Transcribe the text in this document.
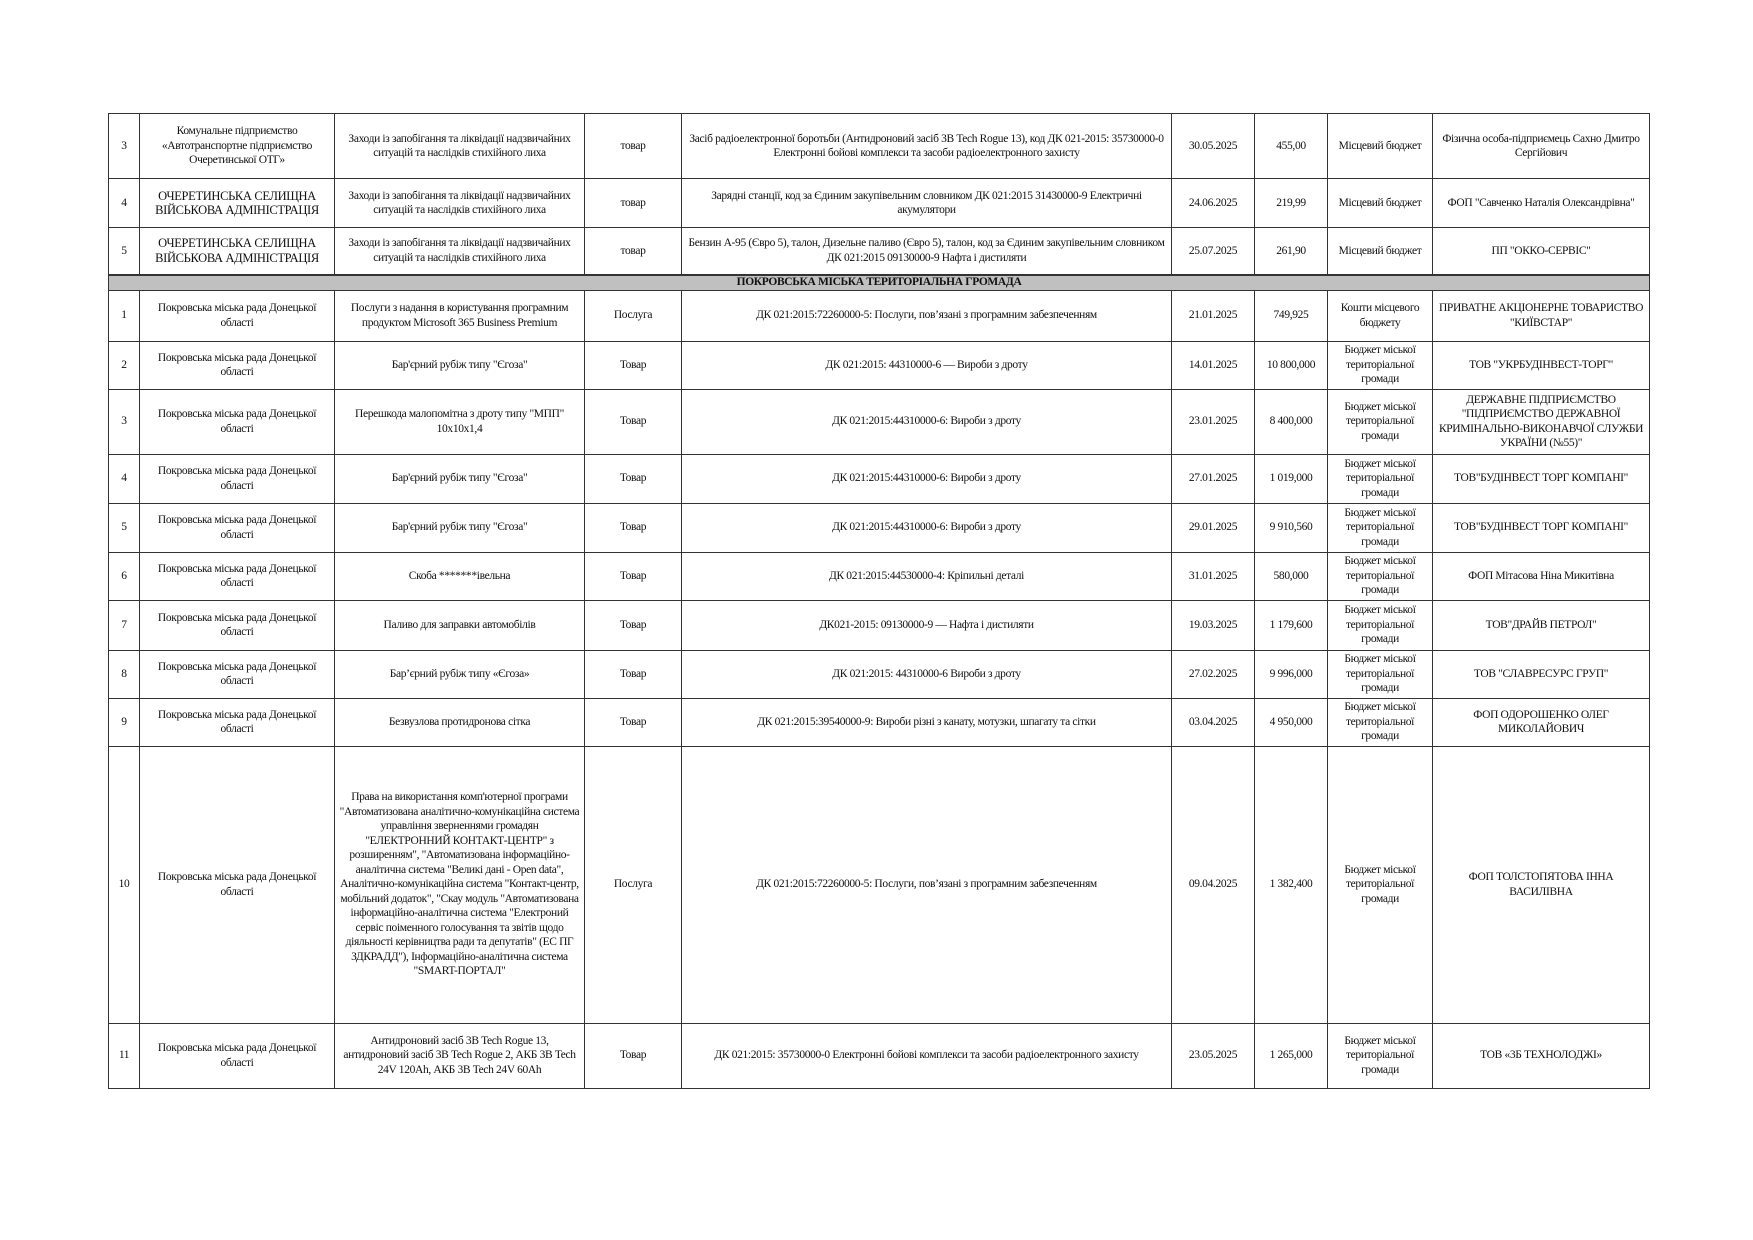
3	Комунальне підприємство «Автотранспортне підприємство Очеретинської ОТГ»	Заходи із запобігання та ліквідації надзвичайних ситуацій та наслідків стихійного лиха	товар	Засіб радіоелектронної боротьби (Антидроновий засіб 3В Tech Rogue 13), код ДК 021-2015: 35730000-0 Електронні бойові комплекси та засоби радіоелектронного захисту	30.05.2025	455,00	Місцевий бюджет	Фізична особа-підприємець Сахно Дмитро Сергійович
4	ОЧЕРЕТИНСЬКА СЕЛИЩНА ВІЙСЬКОВА АДМІНІСТРАЦІЯ	Заходи із запобігання та ліквідації надзвичайних ситуацій та наслідків стихійного лиха	товар	Зарядні станції, код за Єдиним закупівельним словником ДК 021:2015 31430000-9 Електричні акумулятори	24.06.2025	219,99	Місцевий бюджет	ФОП "Савченко Наталія Олександрівна"
5	ОЧЕРЕТИНСЬКА СЕЛИЩНА ВІЙСЬКОВА АДМІНІСТРАЦІЯ	Заходи із запобігання та ліквідації надзвичайних ситуацій та наслідків стихійного лиха	товар	Бензин А-95 (Євро 5), талон, Дизельне паливо (Євро 5), талон, код за Єдиним закупівельним словником ДК 021:2015 09130000-9 Нафта і дистиляти	25.07.2025	261,90	Місцевий бюджет	ПП "ОККО-СЕРВІС"
ПОКРОВСЬКА МІСЬКА ТЕРИТОРІАЛЬНА ГРОМАДА								
1	Покровська міська рада Донецької області	Послуги з надання в користування програмним продуктом Microsoft 365 Business Premium	Послуга	ДК 021:2015:72260000-5: Послуги, пов’язані з програмним забезпеченням	21.01.2025	749,925	Кошти місцевого бюджету	ПРИВАТНЕ АКЦІОНЕРНЕ ТОВАРИСТВО "КИЇВСТАР"
2	Покровська міська рада Донецької області	Бар'єрний рубіж типу "Єгоза"	Товар	ДК 021:2015: 44310000-6 — Вироби з дроту	14.01.2025	10 800,000	Бюджет міської територіальної громади	ТОВ "УКРБУДІНВЕСТ-ТОРГ"
3	Покровська міська рада Донецької області	Перешкода малопомітна з дроту типу "МПП" 10х10х1,4	Товар	ДК 021:2015:44310000-6: Вироби з дроту	23.01.2025	8 400,000	Бюджет міської територіальної громади	ДЕРЖАВНЕ ПІДПРИЄМСТВО "ПІДПРИЄМСТВО ДЕРЖАВНОЇ КРИМІНАЛЬНО-ВИКОНАВЧОЇ СЛУЖБИ УКРАЇНИ (№55)"
4	Покровська міська рада Донецької області	Бар'єрний рубіж типу "Єгоза"	Товар	ДК 021:2015:44310000-6: Вироби з дроту	27.01.2025	1 019,000	Бюджет міської територіальної громади	ТОВ"БУДІНВЕСТ ТОРГ КОМПАНІ"
5	Покровська міська рада Донецької області	Бар'єрний рубіж типу "Єгоза"	Товар	ДК 021:2015:44310000-6: Вироби з дроту	29.01.2025	9 910,560	Бюджет міської територіальної громади	ТОВ"БУДІНВЕСТ ТОРГ КОМПАНІ"
6	Покровська міська рада Донецької області	Скоба *******івельна	Товар	ДК 021:2015:44530000-4: Кріпильні деталі	31.01.2025	580,000	Бюджет міської територіальної громади	ФОП Мітасова Ніна Микитівна
7	Покровська міська рада Донецької області	Паливо для заправки автомобілів	Товар	ДК021-2015: 09130000-9 — Нафта і дистиляти	19.03.2025	1 179,600	Бюджет міської територіальної громади	ТОВ"ДРАЙВ ПЕТРОЛ"
8	Покровська міська рада Донецької області	Бар’єрний рубіж типу «Єгоза»	Товар	ДК 021:2015: 44310000-6 Вироби з дроту	27.02.2025	9 996,000	Бюджет міської територіальної громади	ТОВ "СЛАВРЕСУРС ГРУП"
9	Покровська міська рада Донецької області	Безвузлова протидронова сітка	Товар	ДК 021:2015:39540000-9: Вироби різні з канату, мотузки, шпагату та сітки	03.04.2025	4 950,000	Бюджет міської територіальної громади	ФОП ОДОРОШЕНКО ОЛЕГ МИКОЛАЙОВИЧ
10	Покровська міська рада Донецької області	Права на використання комп'ютерної програми "Автоматизована аналітично-комунікаційна система управління зверненнями громадян "ЕЛЕКТРОННИЙ КОНТАКТ-ЦЕНТР" з розширенням", "Автоматизована інформаційно- аналітична система "Великі дані - Open data", Аналітично-комунікаційна система "Контакт-центр, мобільний додаток", "Скау модуль "Автоматизована інформаційно-аналітична система "Електроний сервіс поіменного голосування та звітів щодо діяльності керівництва ради та депутатів" (ЕС ПГ ЗДКРАДД"), Інформаційно-аналітична система "SMART-ПОРТАЛ"	Послуга	ДК 021:2015:72260000-5: Послуги, пов’язані з програмним забезпеченням	09.04.2025	1 382,400	Бюджет міської територіальної громади	ФОП ТОЛСТОПЯТОВА ІННА ВАСИЛІВНА
11	Покровська міська рада Донецької області	Антидроновий засіб 3В Tech Rogue 13, антидроновий засіб 3В Tech Rogue 2, АКБ 3В Tech 24V 120Ah, АКБ 3В Tech 24V 60Ah	Товар	ДК 021:2015: 35730000-0 Електронні бойові комплекси та засоби радіоелектронного захисту	23.05.2025	1 265,000	Бюджет міської територіальної громади	ТОВ «3Б ТЕХНОЛОДЖІ»
